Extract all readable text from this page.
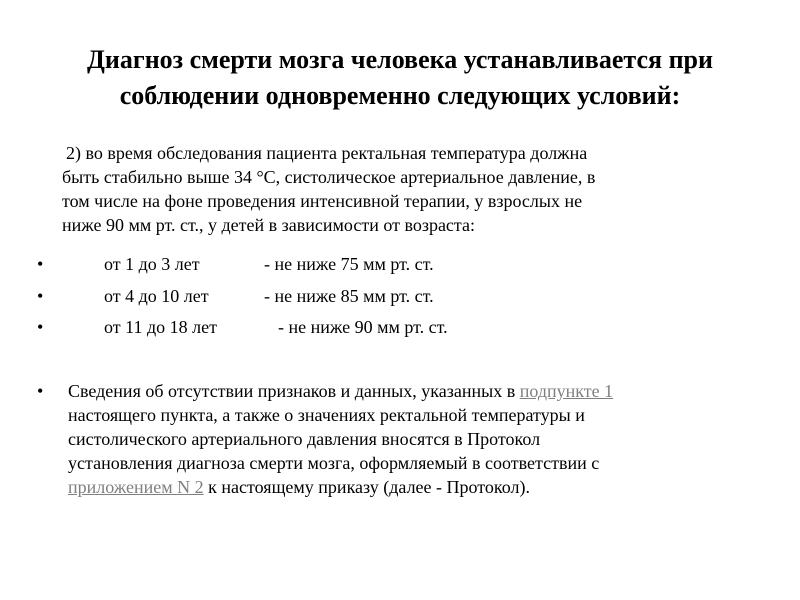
Диагноз смерти мозга человека устанавливается при
соблюдении одновременно следующих условий:

2) во время обследования пациента ректальная температура должна
быть стабильно выше 34 °C, систолическое артериальное давление, в
том числе на фоне проведения интенсивной терапии, у взрослых не
ниже 90 мм рт. ст., у детей в зависимости от возраста:

•	от 1 до 3 лет	- не ниже 75 мм рт. ст.
•	от 4 до 10 лет	- не ниже 85 мм рт. ст.
•	от 11 до 18 лет	- не ниже 90 мм рт. ст.
• Сведения об отсутствии признаков и данных, указанных в подпункте 1
настоящего пункта, а также о значениях ректальной температуры и
систолического артериального давления вносятся в Протокол
установления диагноза смерти мозга, оформляемый в соответствии с
приложением N 2 к настоящему приказу (далее - Протокол).
